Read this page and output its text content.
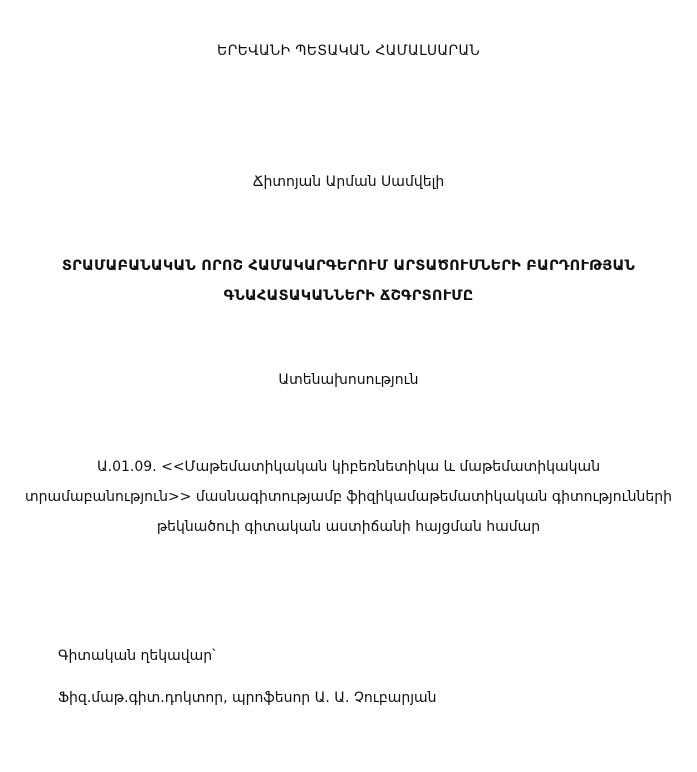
ԵՐԵՎԱՆԻ ՊԵՏԱԿԱՆ ՀԱՄԱԼՍԱՐԱՆ
Ճիտոյան Արման Սամվելի
ՏՐԱՄԱԲԱՆԱԿԱՆ ՈՐՈՇ ՀԱՄԱԿԱՐԳԵՐՈՒՄ ԱՐՏԱԾՈՒՄՆԵՐԻ ԲԱՐԴՈՒԹՅԱՆ
ԳՆԱՀԱՏԱԿԱՆՆԵՐԻ ՃՇԳՐՏՈՒՄԸ
Ատենախոսություն
Ա.01.09. <<Մաթեմատիկական կիբեռնետիկա և մաթեմատիկական
տրամաբանություն>> մասնագիտությամբ ֆիզիկամաթեմատիկական գիտությունների
թեկնածուի գիտական աստիճանի հայցման համար
Գիտական ղեկավար՝
Ֆիզ.մաթ.գիտ.դոկտոր, պրոֆեսոր Ա. Ա. Չուբարյան
